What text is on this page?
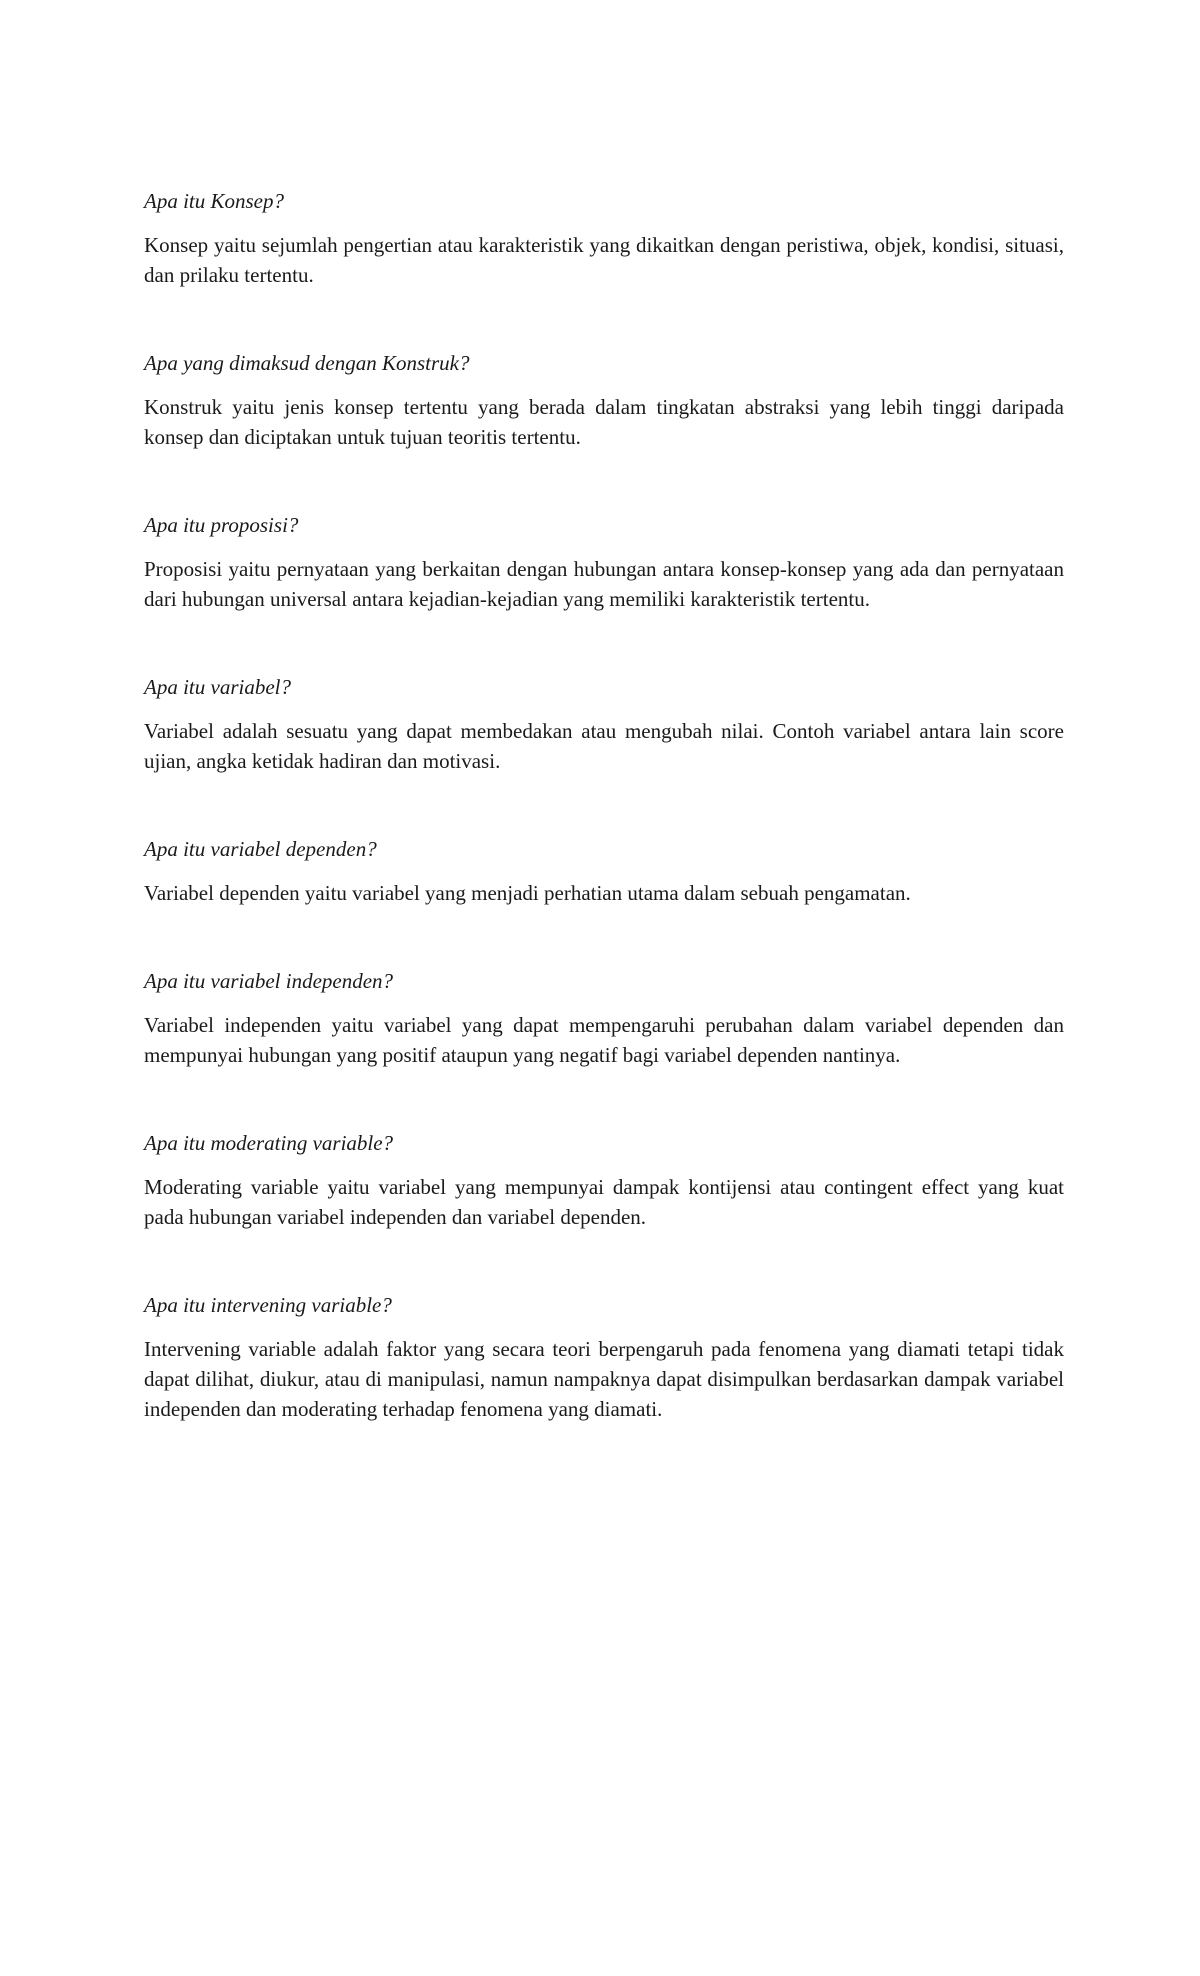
Apa itu Konsep?

Konsep yaitu sejumlah pengertian atau karakteristik yang dikaitkan dengan peristiwa, objek, kondisi, situasi, dan prilaku tertentu.

Apa yang dimaksud dengan Konstruk?

Konstruk yaitu jenis konsep tertentu yang berada dalam tingkatan abstraksi yang lebih tinggi daripada konsep dan diciptakan untuk tujuan teoritis tertentu.

Apa itu proposisi?

Proposisi yaitu pernyataan yang berkaitan dengan hubungan antara konsep-konsep yang ada dan pernyataan dari hubungan universal antara kejadian-kejadian yang memiliki karakteristik tertentu.

Apa itu variabel?

Variabel adalah sesuatu yang dapat membedakan atau mengubah nilai. Contoh variabel antara lain score ujian, angka ketidak hadiran dan motivasi.

Apa itu variabel dependen?

Variabel dependen yaitu variabel yang menjadi perhatian utama dalam sebuah pengamatan.

Apa itu variabel independen?

Variabel independen yaitu variabel yang dapat mempengaruhi perubahan dalam variabel dependen dan mempunyai hubungan yang positif ataupun yang negatif bagi variabel dependen nantinya.

Apa itu moderating variable?

Moderating variable yaitu variabel yang mempunyai dampak kontijensi atau contingent effect yang kuat pada hubungan variabel independen dan variabel dependen.

Apa itu intervening variable?

Intervening variable adalah faktor yang secara teori berpengaruh pada fenomena yang diamati tetapi tidak dapat dilihat, diukur, atau di manipulasi, namun nampaknya dapat disimpulkan berdasarkan dampak variabel independen dan moderating terhadap fenomena yang diamati.
